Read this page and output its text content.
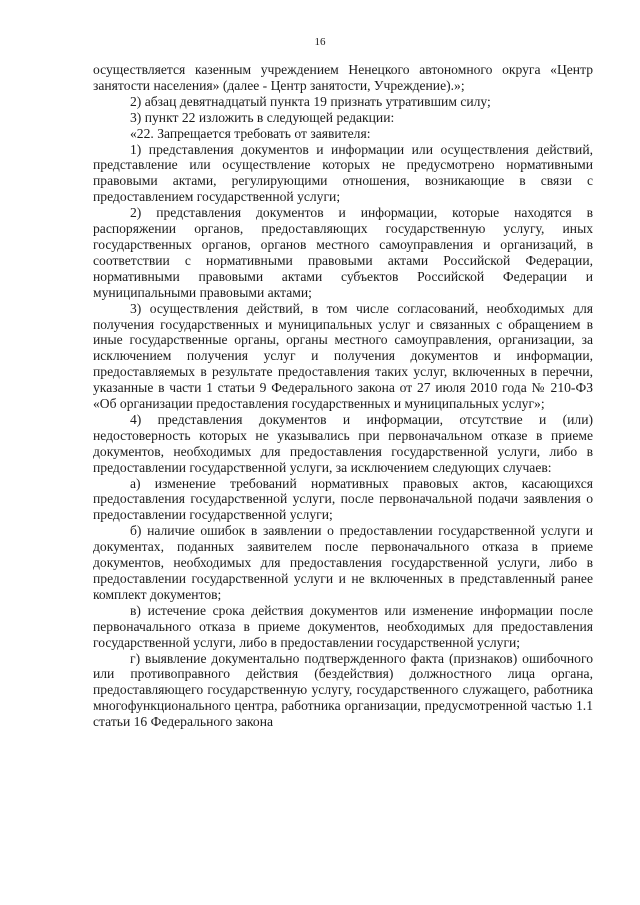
16

осуществляется казенным учреждением Ненецкого автономного округа «Центр занятости населения» (далее - Центр занятости, Учреждение).»;

2) абзац девятнадцатый пункта 19 признать утратившим силу;

3) пункт 22 изложить в следующей редакции:

«22. Запрещается требовать от заявителя:

1) представления документов и информации или осуществления действий, представление или осуществление которых не предусмотрено нормативными правовыми актами, регулирующими отношения, возникающие в связи с предоставлением государственной услуги;

2) представления документов и информации, которые находятся в распоряжении органов, предоставляющих государственную услугу, иных государственных органов, органов местного самоуправления и организаций, в соответствии с нормативными правовыми актами Российской Федерации, нормативными правовыми актами субъектов Российской Федерации и муниципальными правовыми актами;

3) осуществления действий, в том числе согласований, необходимых для получения государственных и муниципальных услуг и связанных с обращением в иные государственные органы, органы местного самоуправления, организации, за исключением получения услуг и получения документов и информации, предоставляемых в результате предоставления таких услуг, включенных в перечни, указанные в части 1 статьи 9 Федерального закона от 27 июля 2010 года № 210-ФЗ «Об организации предоставления государственных и муниципальных услуг»;

4) представления документов и информации, отсутствие и (или) недостоверность которых не указывались при первоначальном отказе в приеме документов, необходимых для предоставления государственной услуги, либо в предоставлении государственной услуги, за исключением следующих случаев:

а) изменение требований нормативных правовых актов, касающихся предоставления государственной услуги, после первоначальной подачи заявления о предоставлении государственной услуги;

б) наличие ошибок в заявлении о предоставлении государственной услуги и документах, поданных заявителем после первоначального отказа в приеме документов, необходимых для предоставления государственной услуги, либо в предоставлении государственной услуги и не включенных в представленный ранее комплект документов;

в) истечение срока действия документов или изменение информации после первоначального отказа в приеме документов, необходимых для предоставления государственной услуги, либо в предоставлении государственной услуги;

г) выявление документально подтвержденного факта (признаков) ошибочного или противоправного действия (бездействия) должностного лица органа, предоставляющего государственную услугу, государственного служащего, работника многофункционального центра, работника организации, предусмотренной частью 1.1 статьи 16 Федерального закона
